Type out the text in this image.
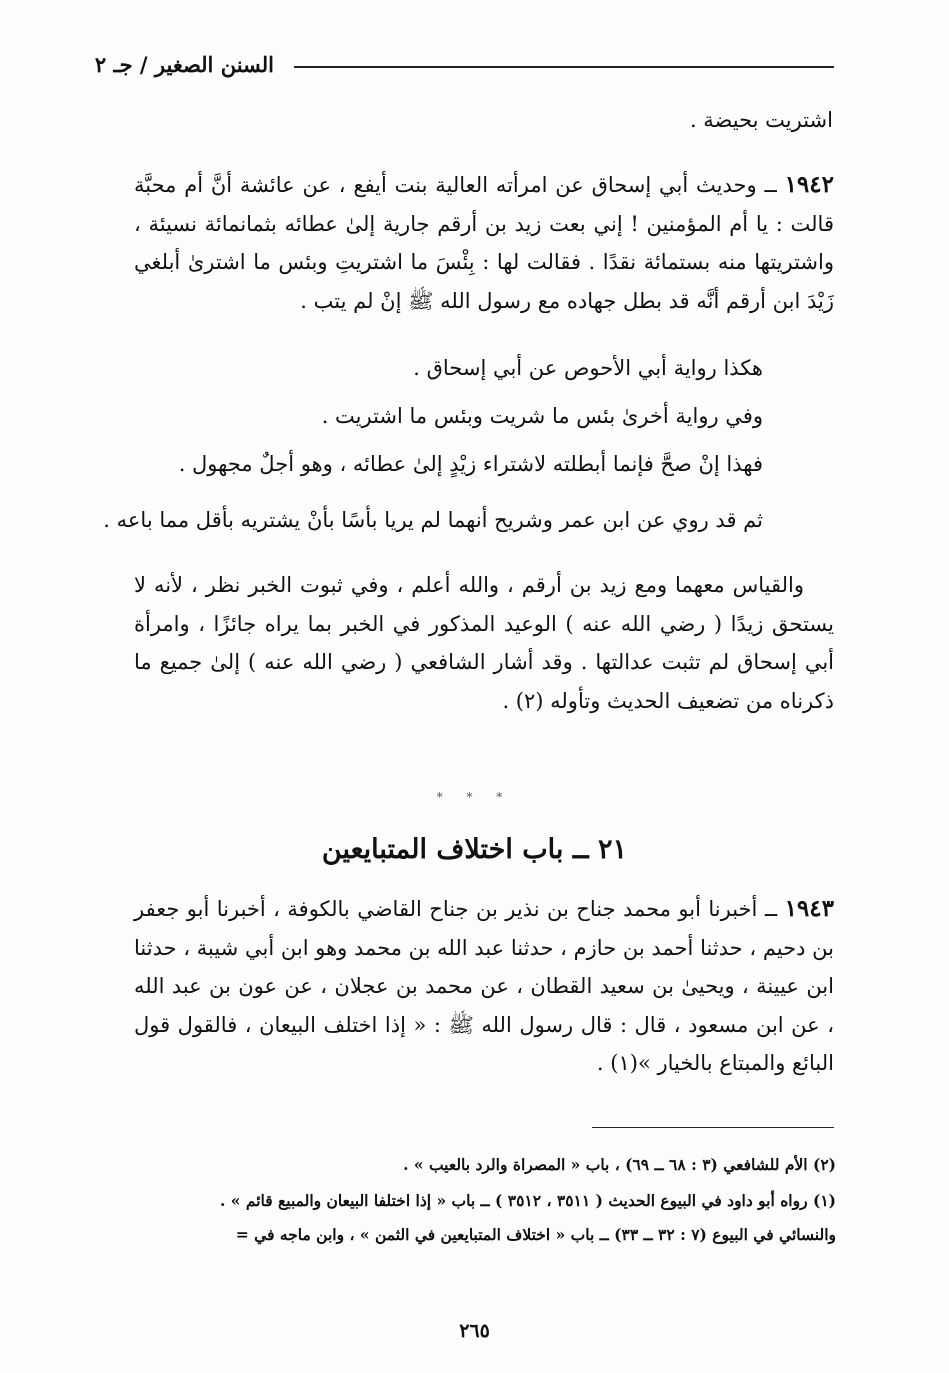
السنن الصغير / جـ ٢
اشتريت بحيضة .
١٩٤٢ ــ وحديث أبي إسحاق عن امرأته العالية بنت أيفع ، عن عائشة أنَّ أم محبَّة قالت : يا أم المؤمنين ! إني بعت زيد بن أرقم جارية إلىٰ عطائه بثمانمائة نسيئة ، واشتريتها منه بستمائة نقدًا . فقالت لها : بِئْسَ ما اشتريتِ وبئس ما اشترىٰ أبلغي زَيْدَ ابن أرقم أنَّه قد بطل جهاده مع رسول الله ﷺ إنْ لم يتب .
هكذا رواية أبي الأحوص عن أبي إسحاق .
وفي رواية أخرىٰ بئس ما شريت وبئس ما اشتريت .
فهذا إنْ صحَّ فإنما أبطلته لاشتراء زيْدٍ إلىٰ عطائه ، وهو أجلٌ مجهول .
ثم قد روي عن ابن عمر وشريح أنهما لم يريا بأسًا بأنْ يشتريه بأقل مما باعه .
والقياس معهما ومع زيد بن أرقم ، والله أعلم ، وفي ثبوت الخبر نظر ، لأنه لا يستحق زيدًا ( رضي الله عنه ) الوعيد المذكور في الخبر بما يراه جائزًا ، وامرأة أبي إسحاق لم تثبت عدالتها . وقد أشار الشافعي ( رضي الله عنه ) إلىٰ جميع ما ذكرناه من تضعيف الحديث وتأوله (٢) .
* * *
٢١ ــ باب اختلاف المتبايعين
١٩٤٣ ــ أخبرنا أبو محمد جناح بن نذير بن جناح القاضي بالكوفة ، أخبرنا أبو جعفر بن دحيم ، حدثنا أحمد بن حازم ، حدثنا عبد الله بن محمد وهو ابن أبي شيبة ، حدثنا ابن عيينة ، ويحيىٰ بن سعيد القطان ، عن محمد بن عجلان ، عن عون بن عبد الله ، عن ابن مسعود ، قال : قال رسول الله ﷺ : « إذا اختلف البيعان ، فالقول قول البائع والمبتاع بالخيار »(١) .
(٢) الأم للشافعي (٣ : ٦٨ ــ ٦٩) ، باب « المصراة والرد بالعيب » .
(١) رواه أبو داود في البيوع الحديث ( ٣٥١١ ، ٣٥١٢ ) ــ باب « إذا اختلفا البيعان والمبيع قائم » .
والنسائي في البيوع (٧ : ٣٢ ــ ٣٣) ــ باب « اختلاف المتبايعين في الثمن » ، وابن ماجه في =
٢٦٥
